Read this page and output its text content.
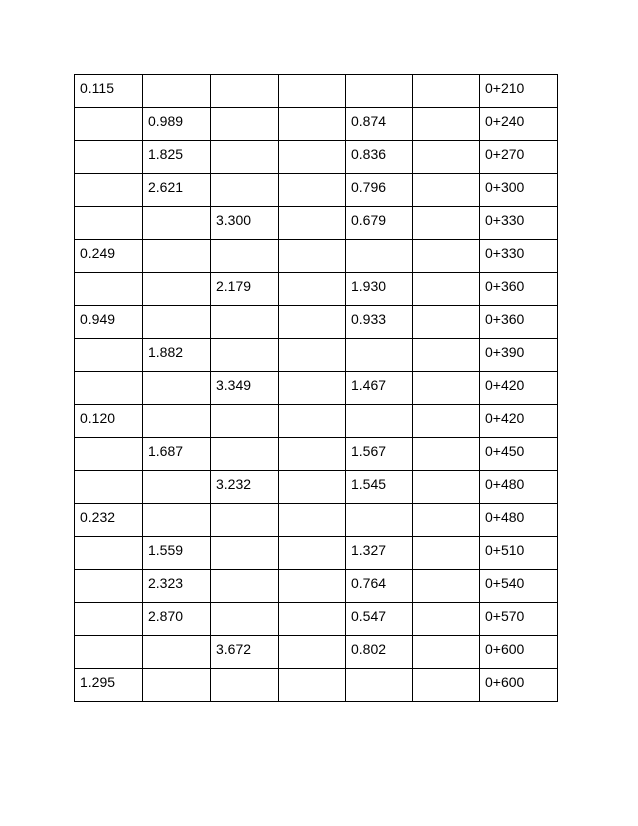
0.115						0+210
	0.989			0.874		0+240
	1.825			0.836		0+270
	2.621			0.796		0+300
		3.300		0.679		0+330
0.249						0+330
		2.179		1.930		0+360
0.949				0.933		0+360
	1.882					0+390
		3.349		1.467		0+420
0.120						0+420
	1.687			1.567		0+450
		3.232		1.545		0+480
0.232						0+480
	1.559			1.327		0+510
	2.323			0.764		0+540
	2.870			0.547		0+570
		3.672		0.802		0+600
1.295						0+600
